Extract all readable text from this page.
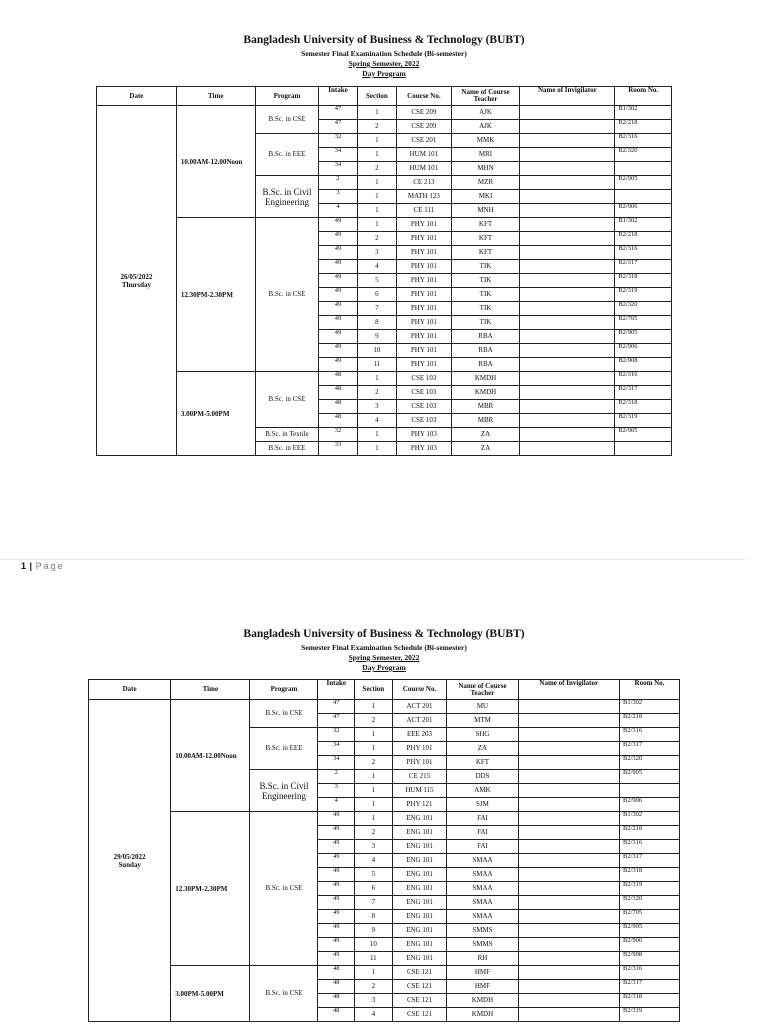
Bangladesh University of Business & Technology (BUBT)
Semester Final Examination Schedule (Bi-semester)
Spring Semester, 2022
Day Program
Date	Time	Program	Intake	Section	Course No.	Name of Course Teacher	Name of Invigilator	Room No.

26/05/2022
Thursday	10.00AM-12.00Noon	B.Sc. in CSE	47	1	CSE 209	AJK		B1/302
			47	2	CSE 209	AJK		B2/218
		B.Sc. in EEE	32	1	CSE 201	MMK		B2/316
			34	1	HUM 101	MRI		B2/320
			34	2	HUM 101	MHN		
		B.Sc. in Civil Engineering	2	1	CE 213	MZR		B2/905
			3	1	MATH 123	MKI		
			4	1	CE 111	MNH		B2/906
	12.30PM-2.30PM	B.Sc. in CSE	49	1	PHY 101	KFT		B1/302
			49	2	PHY 101	KFT		B2/218
			49	3	PHY 101	KFT		B2/316
			49	4	PHY 101	TIK		B2/317
			49	5	PHY 101	TIK		B2/318
			49	6	PHY 101	TIK		B2/319
			49	7	PHY 101	TIK		B2/320
			49	8	PHY 101	TIK		B2/705
			49	9	PHY 101	RBA		B2/905
			49	10	PHY 101	RBA		B2/906
			49	11	PHY 101	RBA		B2/908
	3.00PM-5.00PM	B.Sc. in CSE	48	1	CSE 103	KMDH		B2/316
			48	2	CSE 103	KMDH		B2/317
			48	3	CSE 103	MBR		B2/318
			48	4	CSE 103	MBR		B2/319
		B.Sc. in Textile	32	1	PHY 103	ZA		B2/905
		B.Sc. in EEE	33	1	PHY 103	ZA		
1 | Page
Bangladesh University of Business & Technology (BUBT)
Semester Final Examination Schedule (Bi-semester)
Spring Semester, 2022
Day Program
Date	Time	Program	Intake	Section	Course No.	Name of Course Teacher	Name of Invigilator	Room No.

29/05/2022
Sunday	10.00AM-12.00Noon	B.Sc. in CSE	47	1	ACT 201	MU		B1/302
			47	2	ACT 201	MTM		B2/218
		B.Sc. in EEE	32	1	EEE 203	SHG		B2/316
			34	1	PHY 101	ZA		B2/317
			34	2	PHY 101	KFT		B2/320
		B.Sc. in Civil Engineering	2	1	CE 215	DDS		B2/905
			3	1	HUM 115	AMK		
			4	1	PHY 121	SJM		B2/906
	12.30PM-2.30PM	B.Sc. in CSE	49	1	ENG 101	FAI		B1/302
			49	2	ENG 101	FAI		B2/218
			49	3	ENG 101	FAI		B2/316
			49	4	ENG 101	SMAA		B2/317
			49	5	ENG 101	SMAA		B2/318
			49	6	ENG 101	SMAA		B2/319
			49	7	ENG 101	SMAA		B2/320
			49	8	ENG 101	SMAA		B2/705
			49	9	ENG 101	SMMS		B2/905
			49	10	ENG 101	SMMS		B2/906
			49	11	ENG 101	RH		B2/908
	3.00PM-5.00PM	B.Sc. in CSE	48	1	CSE 121	HMF		B2/316
			48	2	CSE 121	HMF		B2/317
			48	3	CSE 121	KMDH		B2/318
			48	4	CSE 121	KMDH		B2/319
